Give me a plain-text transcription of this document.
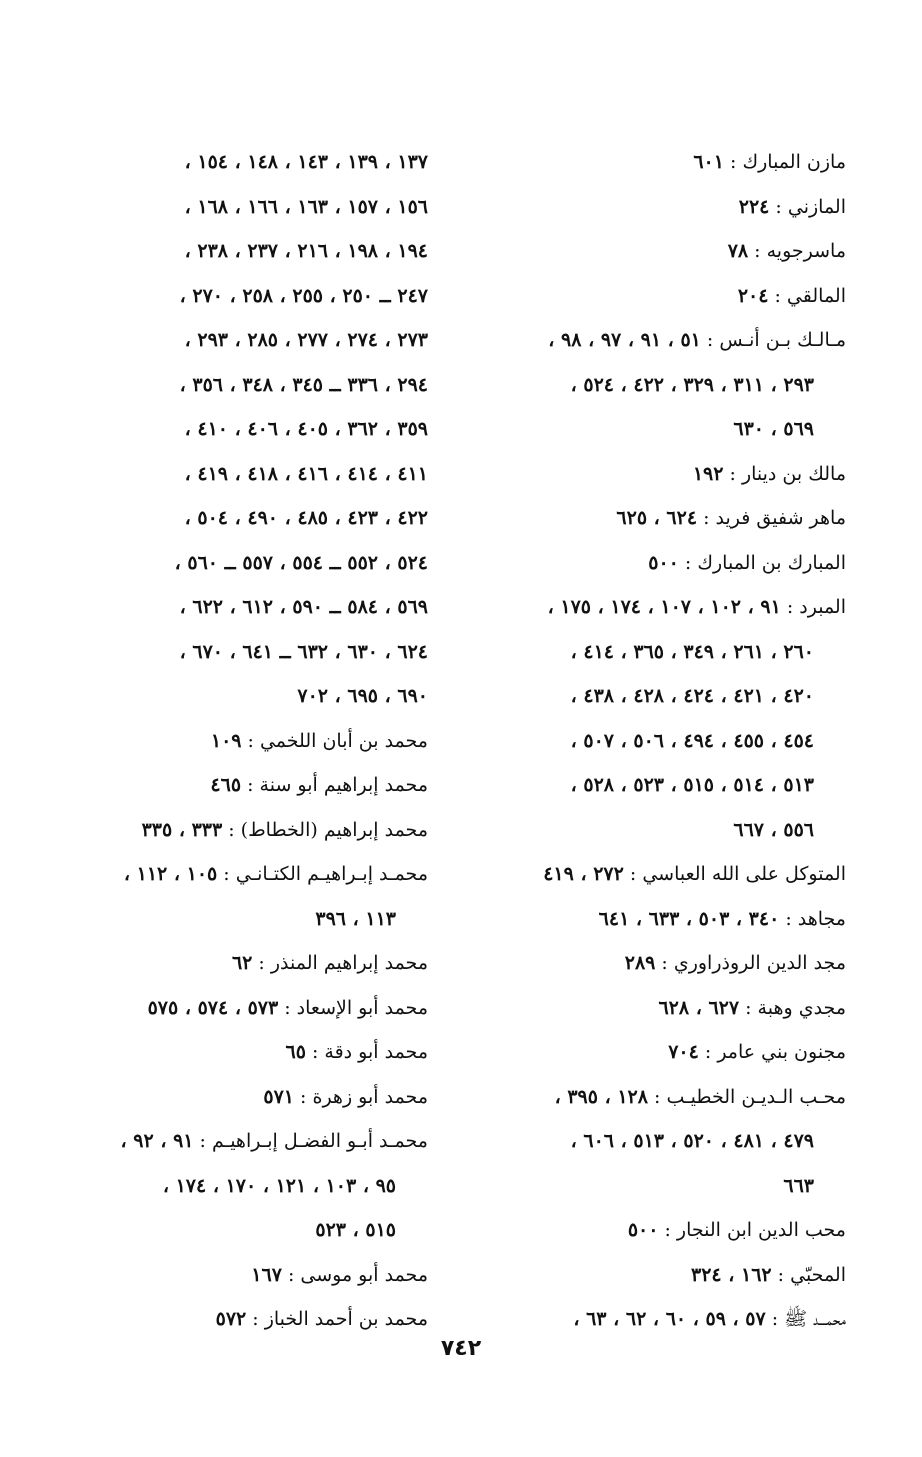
مازن المبارك : ٦٠١
المازني : ٢٢٤
ماسرجويه : ٧٨
المالقي : ٢٠٤
مـالـك بـن أنـس : ٥١ ، ٩١ ، ٩٧ ، ٩٨ ،
٢٩٣ ، ٣١١ ، ٣٢٩ ، ٤٢٢ ، ٥٢٤ ،
٥٦٩ ، ٦٣٠
مالك بن دينار : ١٩٢
ماهر شفيق فريد : ٦٢٤ ، ٦٢٥
المبارك بن المبارك : ٥٠٠
المبرد : ٩١ ، ١٠٢ ، ١٠٧ ، ١٧٤ ، ١٧٥ ،
٢٦٠ ، ٢٦١ ، ٣٤٩ ، ٣٦٥ ، ٤١٤ ،
٤٢٠ ، ٤٢١ ، ٤٢٤ ، ٤٢٨ ، ٤٣٨ ،
٤٥٤ ، ٤٥٥ ، ٤٩٤ ، ٥٠٦ ، ٥٠٧ ،
٥١٣ ، ٥١٤ ، ٥١٥ ، ٥٢٣ ، ٥٢٨ ،
٥٥٦ ، ٦٦٧
المتوكل على الله العباسي : ٢٧٢ ، ٤١٩
مجاهد : ٣٤٠ ، ٥٠٣ ، ٦٣٣ ، ٦٤١
مجد الدين الروذراوري : ٢٨٩
مجدي وهبة : ٦٢٧ ، ٦٢٨
مجنون بني عامر : ٧٠٤
محـب الـديـن الخطيـب : ١٢٨ ، ٣٩٥ ،
٤٧٩ ، ٤٨١ ، ٥٢٠ ، ٥١٣ ، ٦٠٦ ،
٦٦٣
محب الدين ابن النجار : ٥٠٠
المحبّي : ١٦٢ ، ٣٢٤
محمـــد ﷺ : ٥٧ ، ٥٩ ، ٦٠ ، ٦٢ ، ٦٣ ،
١٣٧ ، ١٣٩ ، ١٤٣ ، ١٤٨ ، ١٥٤ ،
١٥٦ ، ١٥٧ ، ١٦٣ ، ١٦٦ ، ١٦٨ ،
١٩٤ ، ١٩٨ ، ٢١٦ ، ٢٣٧ ، ٢٣٨ ،
٢٤٧ ــ ٢٥٠ ، ٢٥٥ ، ٢٥٨ ، ٢٧٠ ،
٢٧٣ ، ٢٧٤ ، ٢٧٧ ، ٢٨٥ ، ٢٩٣ ،
٢٩٤ ، ٣٣٦ ــ ٣٤٥ ، ٣٤٨ ، ٣٥٦ ،
٣٥٩ ، ٣٦٢ ، ٤٠٥ ، ٤٠٦ ، ٤١٠ ،
٤١١ ، ٤١٤ ، ٤١٦ ، ٤١٨ ، ٤١٩ ،
٤٢٢ ، ٤٢٣ ، ٤٨٥ ، ٤٩٠ ، ٥٠٤ ،
٥٢٤ ، ٥٥٢ ــ ٥٥٤ ، ٥٥٧ ــ ٥٦٠ ،
٥٦٩ ، ٥٨٤ ــ ٥٩٠ ، ٦١٢ ، ٦٢٢ ،
٦٢٤ ، ٦٣٠ ، ٦٣٢ ــ ٦٤١ ، ٦٧٠ ،
٦٩٠ ، ٦٩٥ ، ٧٠٢
محمد بن أبان اللخمي : ١٠٩
محمد إبراهيم أبو سنة : ٤٦٥
محمد إبراهيم (الخطاط) : ٣٣٣ ، ٣٣٥
محمـد إبـراهيـم الكتـانـي : ١٠٥ ، ١١٢ ،
١١٣ ، ٣٩٦
محمد إبراهيم المنذر : ٦٢
محمد أبو الإسعاد : ٥٧٣ ، ٥٧٤ ، ٥٧٥
محمد أبو دقة : ٦٥
محمد أبو زهرة : ٥٧١
محمـد أبـو الفضـل إبـراهيـم : ٩١ ، ٩٢ ،
٩٥ ، ١٠٣ ، ١٢١ ، ١٧٠ ، ١٧٤ ،
٥١٥ ، ٥٢٣
محمد أبو موسى : ١٦٧
محمد بن أحمد الخباز : ٥٧٢
٧٤٢
